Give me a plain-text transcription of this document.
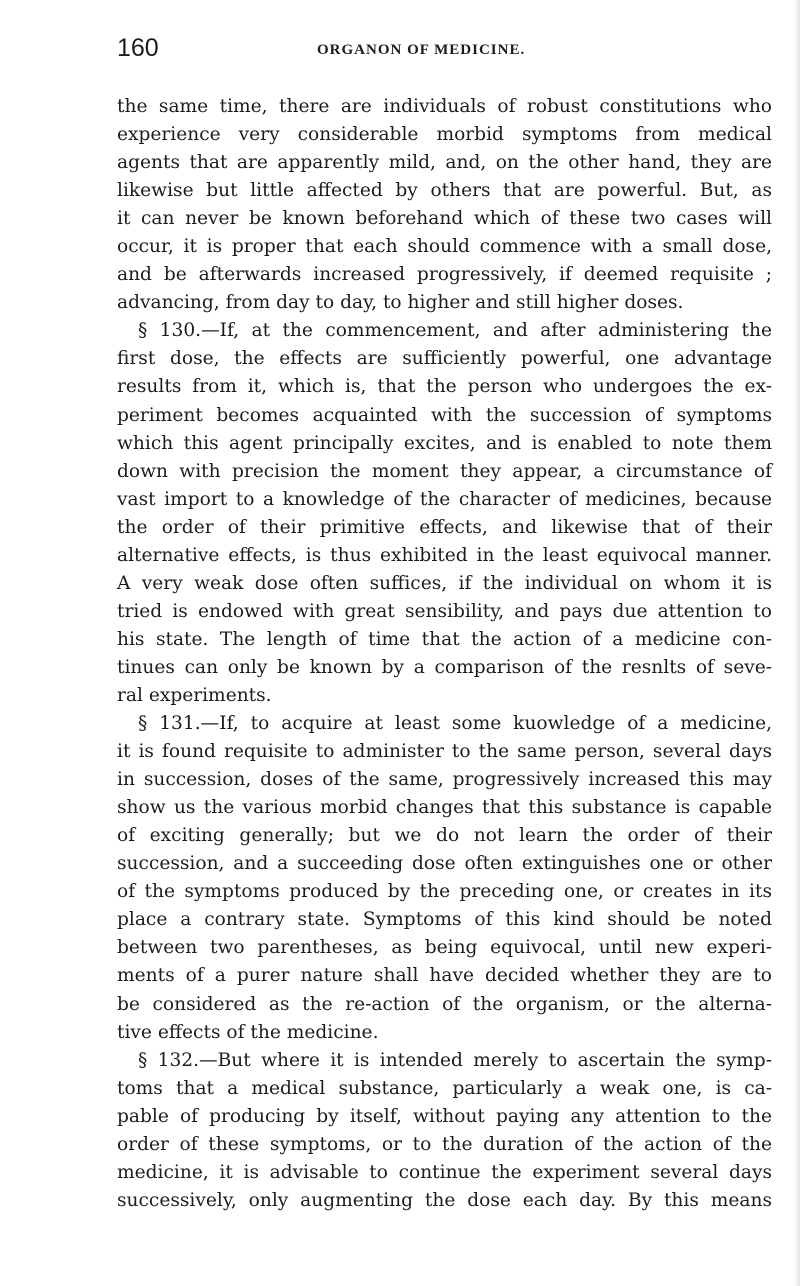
160	ORGANON OF MEDICINE.
the same time, there are individuals of robust constitutions who
experience very considerable morbid symptoms from medical
agents that are apparently mild, and, on the other hand, they are
likewise but little affected by others that are powerful. But, as
it can never be known beforehand which of these two cases will
occur, it is proper that each should commence with a small dose,
and be afterwards increased progressively, if deemed requisite ;
advancing, from day to day, to higher and still higher doses.
§ 130.—If, at the commencement, and after administering the
first dose, the effects are sufficiently powerful, one advantage
results from it, which is, that the person who undergoes the ex-
periment becomes acquainted with the succession of symptoms
which this agent principally excites, and is enabled to note them
down with precision the moment they appear, a circumstance of
vast import to a knowledge of the character of medicines, because
the order of their primitive effects, and likewise that of their
alternative effects, is thus exhibited in the least equivocal manner.
A very weak dose often suffices, if the individual on whom it is
tried is endowed with great sensibility, and pays due attention to
his state. The length of time that the action of a medicine con-
tinues can only be known by a comparison of the resnlts of seve-
ral experiments.
§ 131.—If, to acquire at least some kuowledge of a medicine,
it is found requisite to administer to the same person, several days
in succession, doses of the same, progressively increased this may
show us the various morbid changes that this substance is capable
of exciting generally; but we do not learn the order of their
succession, and a succeeding dose often extinguishes one or other
of the symptoms produced by the preceding one, or creates in its
place a contrary state. Symptoms of this kind should be noted
between two parentheses, as being equivocal, until new experi-
ments of a purer nature shall have decided whether they are to
be considered as the re-action of the organism, or the alterna-
tive effects of the medicine.
§ 132.—But where it is intended merely to ascertain the symp-
toms that a medical substance, particularly a weak one, is ca-
pable of producing by itself, without paying any attention to the
order of these symptoms, or to the duration of the action of the
medicine, it is advisable to continue the experiment several days
successively, only augmenting the dose each day. By this means
